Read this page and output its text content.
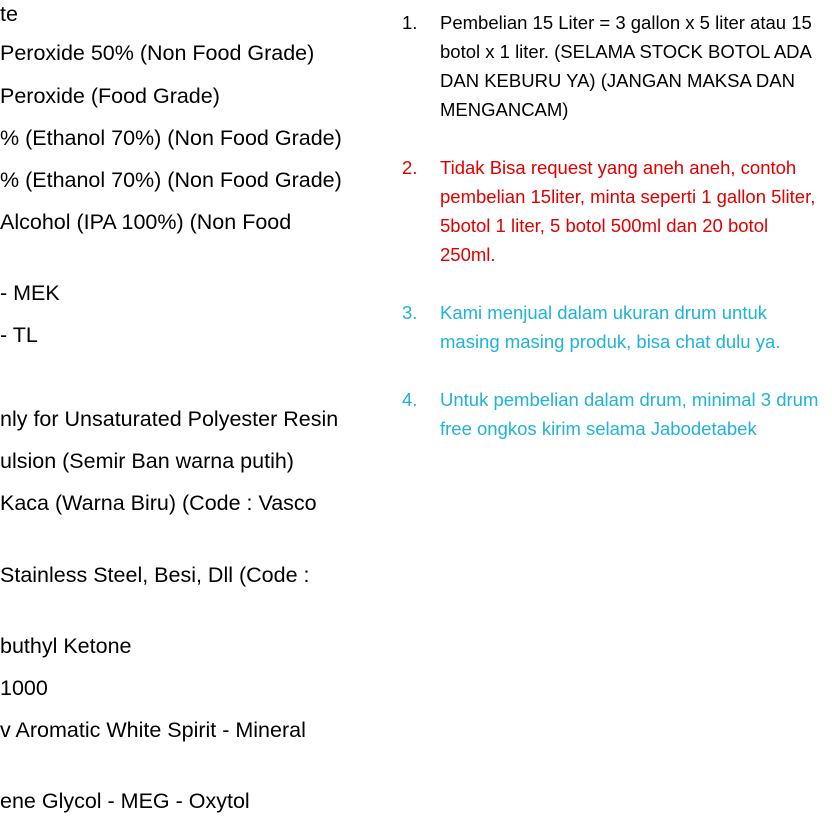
te
Peroxide 50% (Non Food Grade)
Peroxide (Food Grade)
% (Ethanol 70%) (Non Food Grade)
% (Ethanol 70%) (Non Food Grade)
Alcohol (IPA 100%) (Non Food
- MEK
- TL
nly for Unsaturated Polyester Resin
ulsion (Semir Ban warna putih)
Kaca (Warna Biru) (Code : Vasco
Stainless Steel, Besi, Dll (Code :
buthyl Ketone
1000
v Aromatic White Spirit - Mineral
ene Glycol - MEG - Oxytol
1.	Pembelian 15 Liter = 3 gallon x 5 liter atau 15 botol x 1 liter. (SELAMA STOCK BOTOL ADA DAN KEBURU YA) (JANGAN MAKSA DAN MENGANCAM)
2.	Tidak Bisa request yang aneh aneh, contoh pembelian 15liter, minta seperti 1 gallon 5liter, 5botol 1 liter, 5 botol 500ml dan 20 botol 250ml.
3.	Kami menjual dalam ukuran drum untuk masing masing produk, bisa chat dulu ya.
4.	Untuk pembelian dalam drum, minimal 3 drum free ongkos kirim selama Jabodetabek
